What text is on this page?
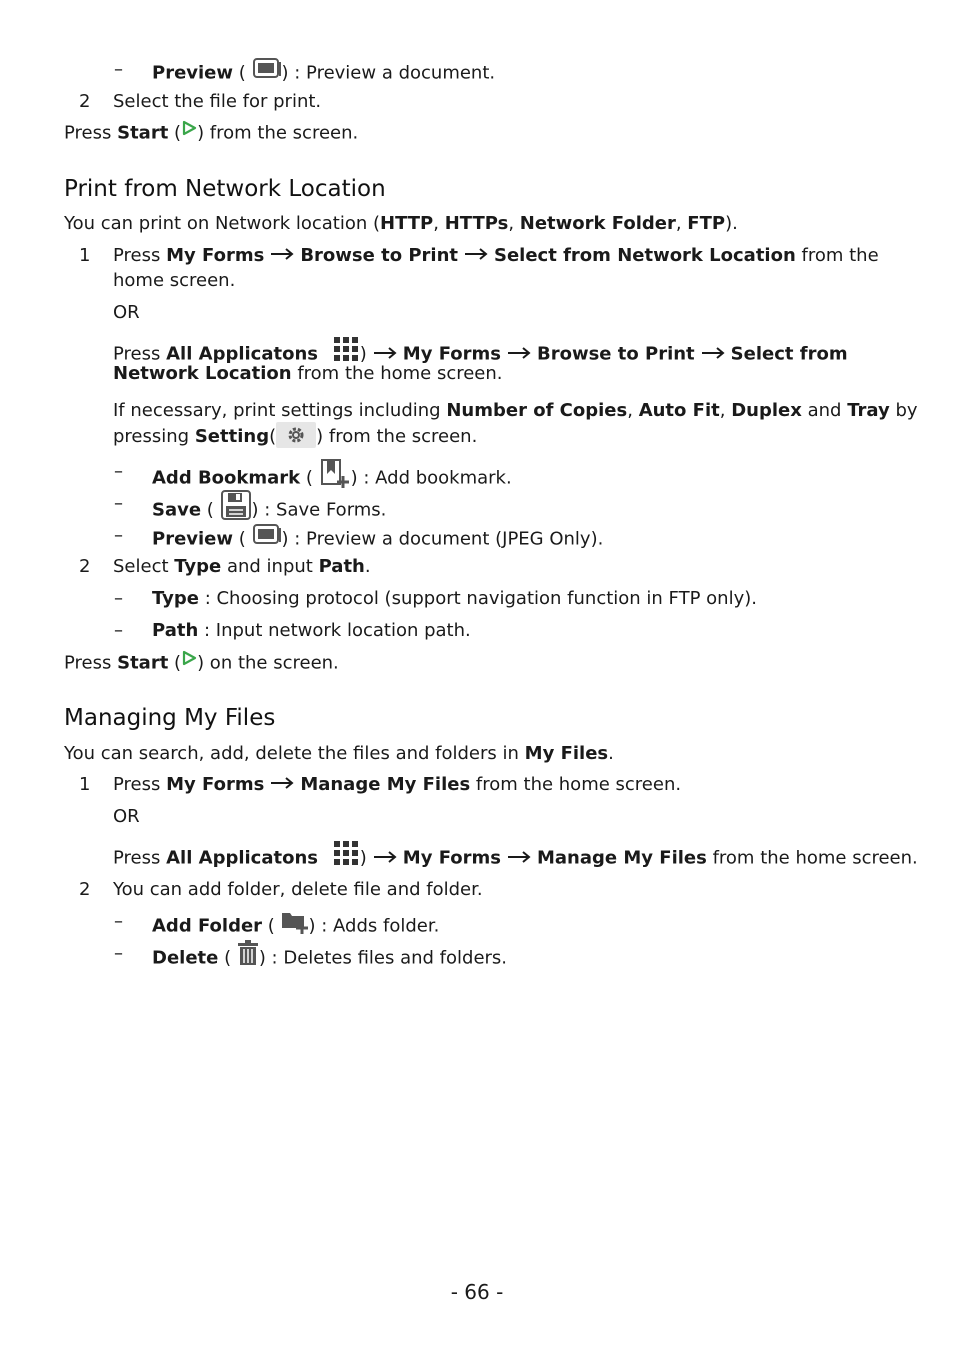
– Preview ( ) : Preview a document.
2 Select the file for print.
Press Start ( ) from the screen.
Print from Network Location
You can print on Network location (HTTP, HTTPs, Network Folder, FTP).
1 Press My Forms Browse to Print Select from Network Location from the
home screen.
OR
Press All Applicatons ) My Forms Browse to Print Select from
Network Location from the home screen.
If necessary, print settings including Number of Copies, Auto Fit, Duplex and Tray by
pressing Setting( ) from the screen.
– Add Bookmark ( ) : Add bookmark.
– Save ( ) : Save Forms.
– Preview ( ) : Preview a document (JPEG Only).
2 Select Type and input Path.
– Type : Choosing protocol (support navigation function in FTP only).
– Path : Input network location path.
Press Start ( ) on the screen.
Managing My Files
You can search, add, delete the files and folders in My Files.
1 Press My Forms Manage My Files from the home screen.
OR
Press All Applicatons ) My Forms Manage My Files from the home screen.
2 You can add folder, delete file and folder.
– Add Folder ( ) : Adds folder.
– Delete ( ) : Deletes files and folders.
- 66 -
